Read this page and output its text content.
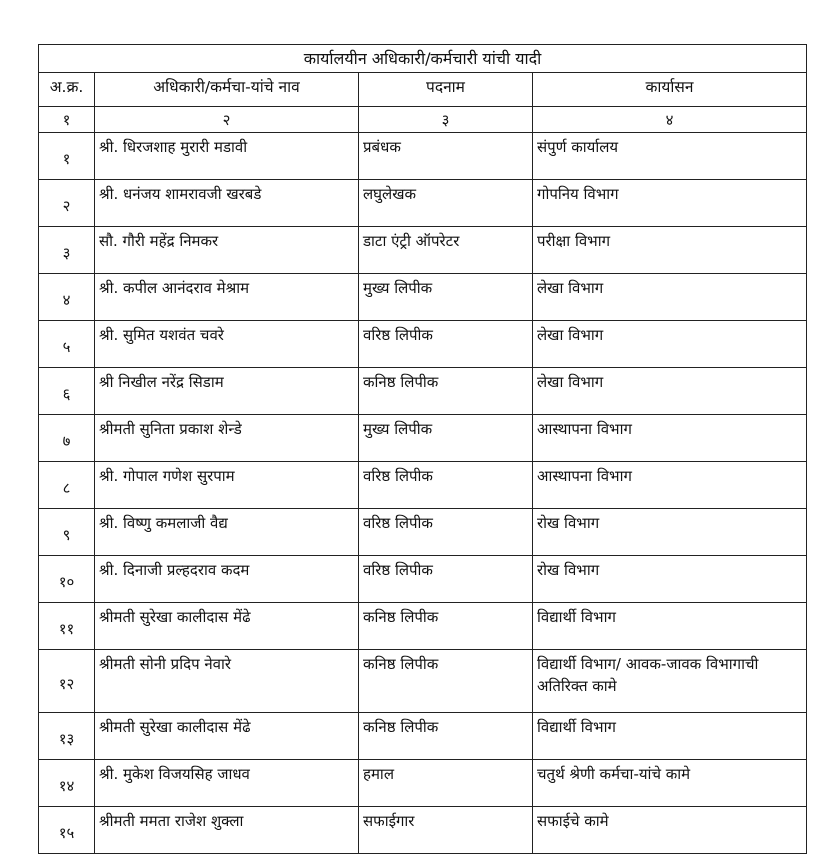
कार्यालयीन अधिकारी/कर्मचारी यांची यादी			
अ.क्र.	अधिकारी/कर्मचा-यांचे नाव	पदनाम	कार्यासन
१	२	३	४
१	श्री. धिरजशाह मुरारी मडावी	प्रबंधक	संपुर्ण कार्यालय
२	श्री. धनंजय शामरावजी खरबडे	लघुलेखक	गोपनिय विभाग
३	सौ. गौरी महेंद्र निमकर	डाटा एंट्री ऑपरेटर	परीक्षा विभाग
४	श्री. कपील आनंदराव मेश्राम	मुख्य लिपीक	लेखा विभाग
५	श्री. सुमित यशवंत चवरे	वरिष्ठ लिपीक	लेखा विभाग
६	श्री निखील नरेंद्र सिडाम	कनिष्ठ लिपीक	लेखा विभाग
७	श्रीमती सुनिता प्रकाश शेन्डे	मुख्य लिपीक	आस्थापना विभाग
८	श्री. गोपाल गणेश सुरपाम	वरिष्ठ लिपीक	आस्थापना विभाग
९	श्री. विष्णु कमलाजी वैद्य	वरिष्ठ लिपीक	रोख विभाग
१०	श्री. दिनाजी प्रल्हदराव कदम	वरिष्ठ लिपीक	रोख विभाग
११	श्रीमती सुरेखा कालीदास मेंढे	कनिष्ठ लिपीक	विद्यार्थी विभाग
१२	श्रीमती सोनी प्रदिप नेवारे	कनिष्ठ लिपीक	विद्यार्थी विभाग/ आवक-जावक विभागाची अतिरिक्त कामे
१३	श्रीमती सुरेखा कालीदास मेंढे	कनिष्ठ लिपीक	विद्यार्थी विभाग
१४	श्री. मुकेश विजयसिह जाधव	हमाल	चतुर्थ श्रेणी कर्मचा-यांचे कामे
१५	श्रीमती ममता राजेश शुक्ला	सफाईगार	सफाईचे कामे
